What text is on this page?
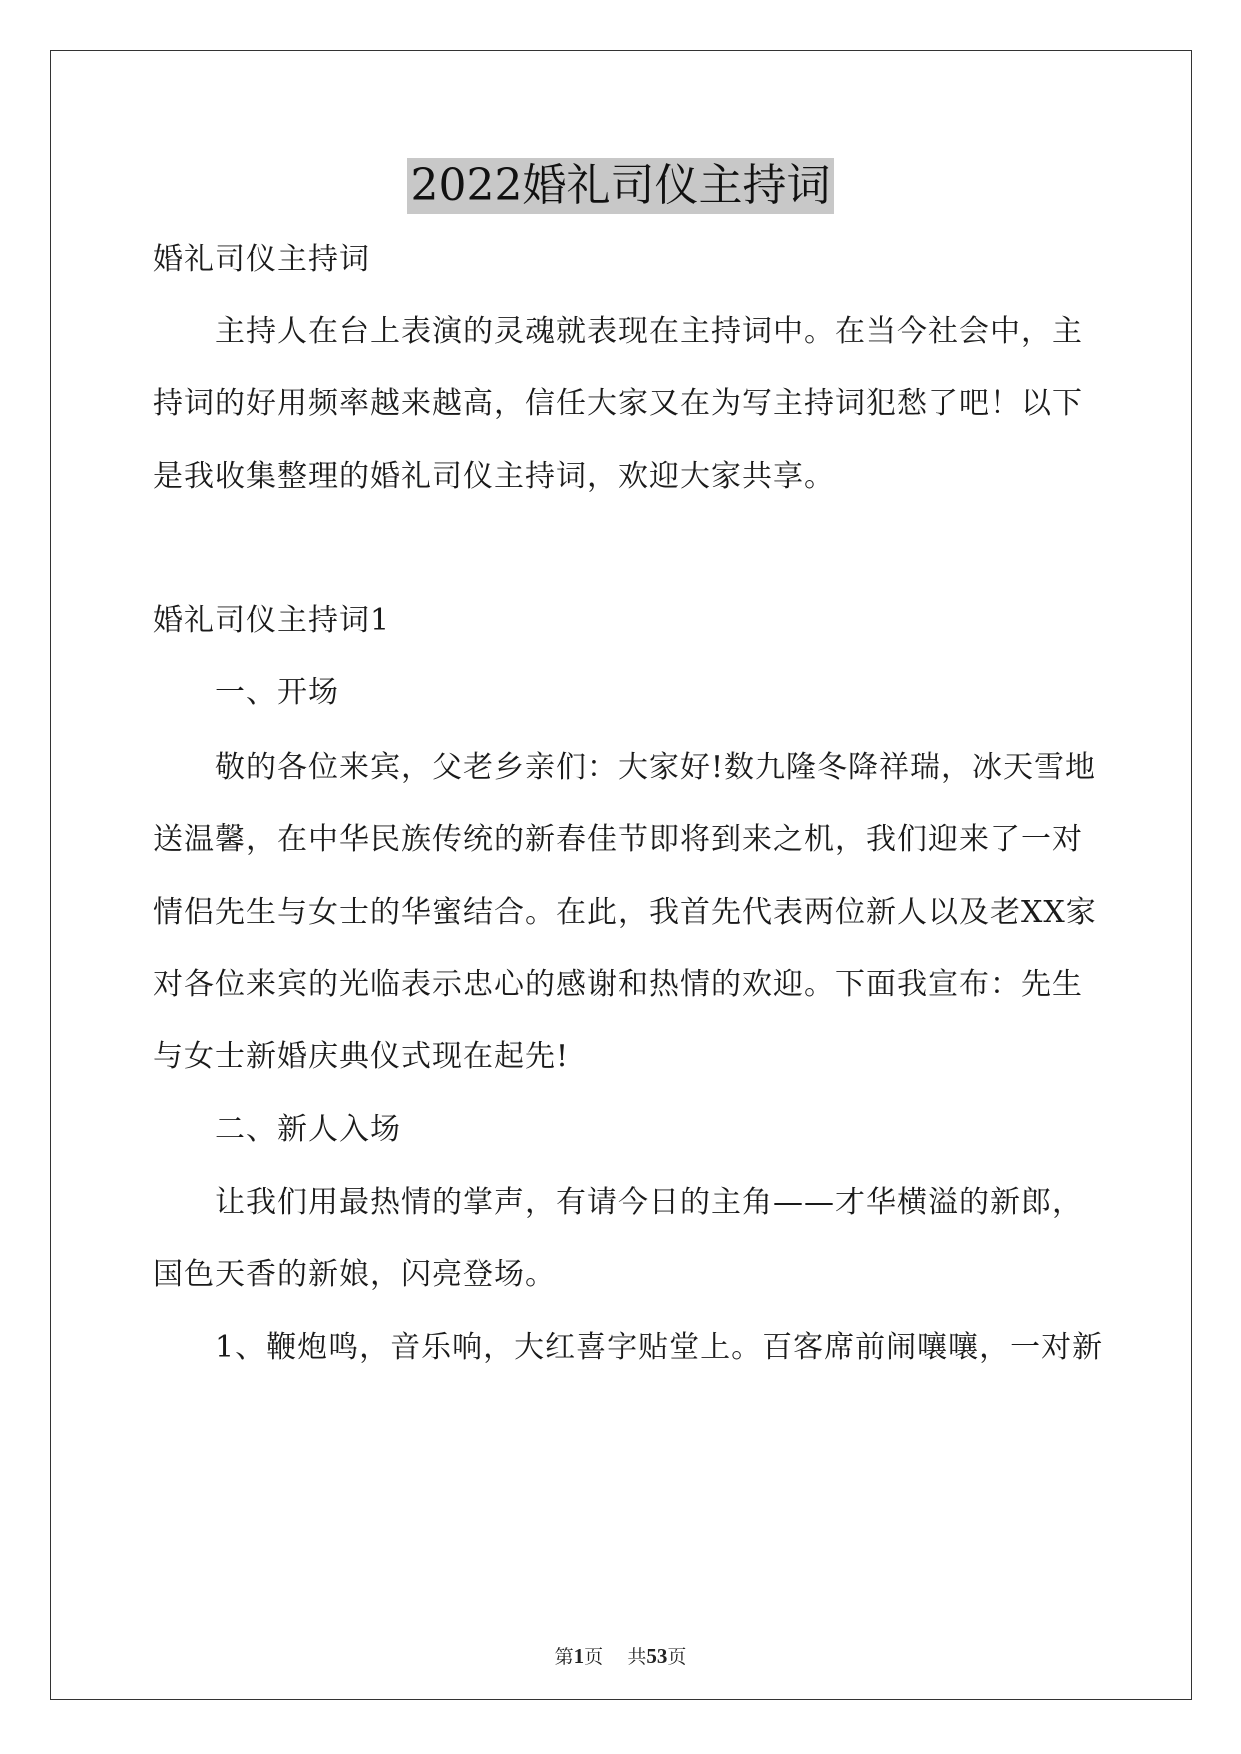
2022婚礼司仪主持词
婚礼司仪主持词
主持人在台上表演的灵魂就表现在主持词中。在当今社会中，主
持词的好用频率越来越高，信任大家又在为写主持词犯愁了吧！以下
是我收集整理的婚礼司仪主持词，欢迎大家共享。
婚礼司仪主持词1
一、开场
敬的各位来宾，父老乡亲们：大家好!数九隆冬降祥瑞，冰天雪地
送温馨，在中华民族传统的新春佳节即将到来之机，我们迎来了一对
情侣先生与女士的华蜜结合。在此，我首先代表两位新人以及老XX家
对各位来宾的光临表示忠心的感谢和热情的欢迎。下面我宣布：先生
与女士新婚庆典仪式现在起先!
二、新人入场
让我们用最热情的掌声，有请今日的主角——才华横溢的新郎，
国色天香的新娘，闪亮登场。
1、鞭炮鸣，音乐响，大红喜字贴堂上。百客席前闹嚷嚷，一对新
第1页 共53页
